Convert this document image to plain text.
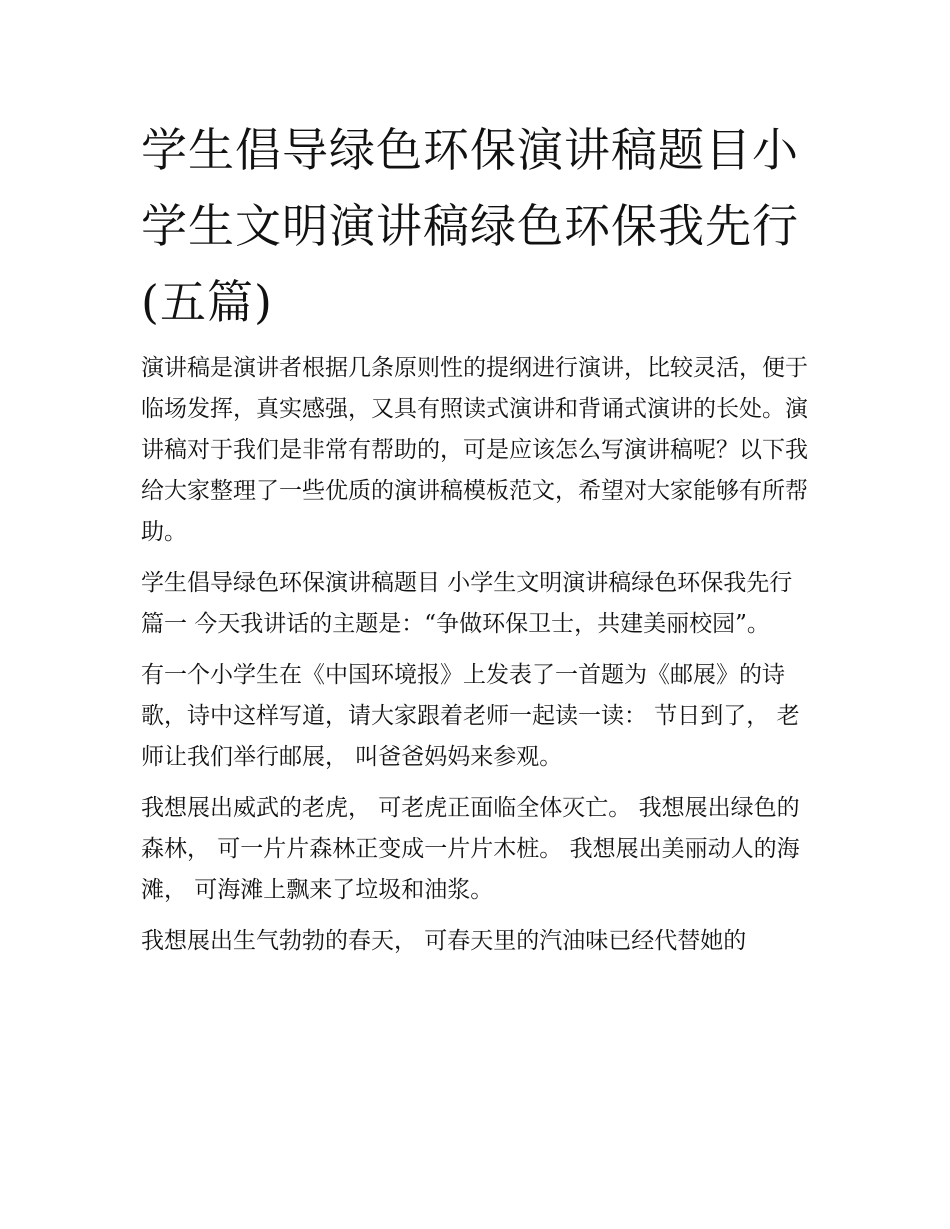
学生倡导绿色环保演讲稿题目小学生文明演讲稿绿色环保我先行(五篇)

演讲稿是演讲者根据几条原则性的提纲进行演讲，比较灵活，便于临场发挥，真实感强，又具有照读式演讲和背诵式演讲的长处。演讲稿对于我们是非常有帮助的，可是应该怎么写演讲稿呢？以下我给大家整理了一些优质的演讲稿模板范文，希望对大家能够有所帮助。

学生倡导绿色环保演讲稿题目 小学生文明演讲稿绿色环保我先行篇一 今天我讲话的主题是：“争做环保卫士，共建美丽校园”。

有一个小学生在《中国环境报》上发表了一首题为《邮展》的诗歌，诗中这样写道，请大家跟着老师一起读一读： 节日到了， 老师让我们举行邮展， 叫爸爸妈妈来参观。

我想展出威武的老虎， 可老虎正面临全体灭亡。 我想展出绿色的森林， 可一片片森林正变成一片片木桩。 我想展出美丽动人的海滩， 可海滩上飘来了垃圾和油浆。

我想展出生气勃勃的春天， 可春天里的汽油味已经代替她的
